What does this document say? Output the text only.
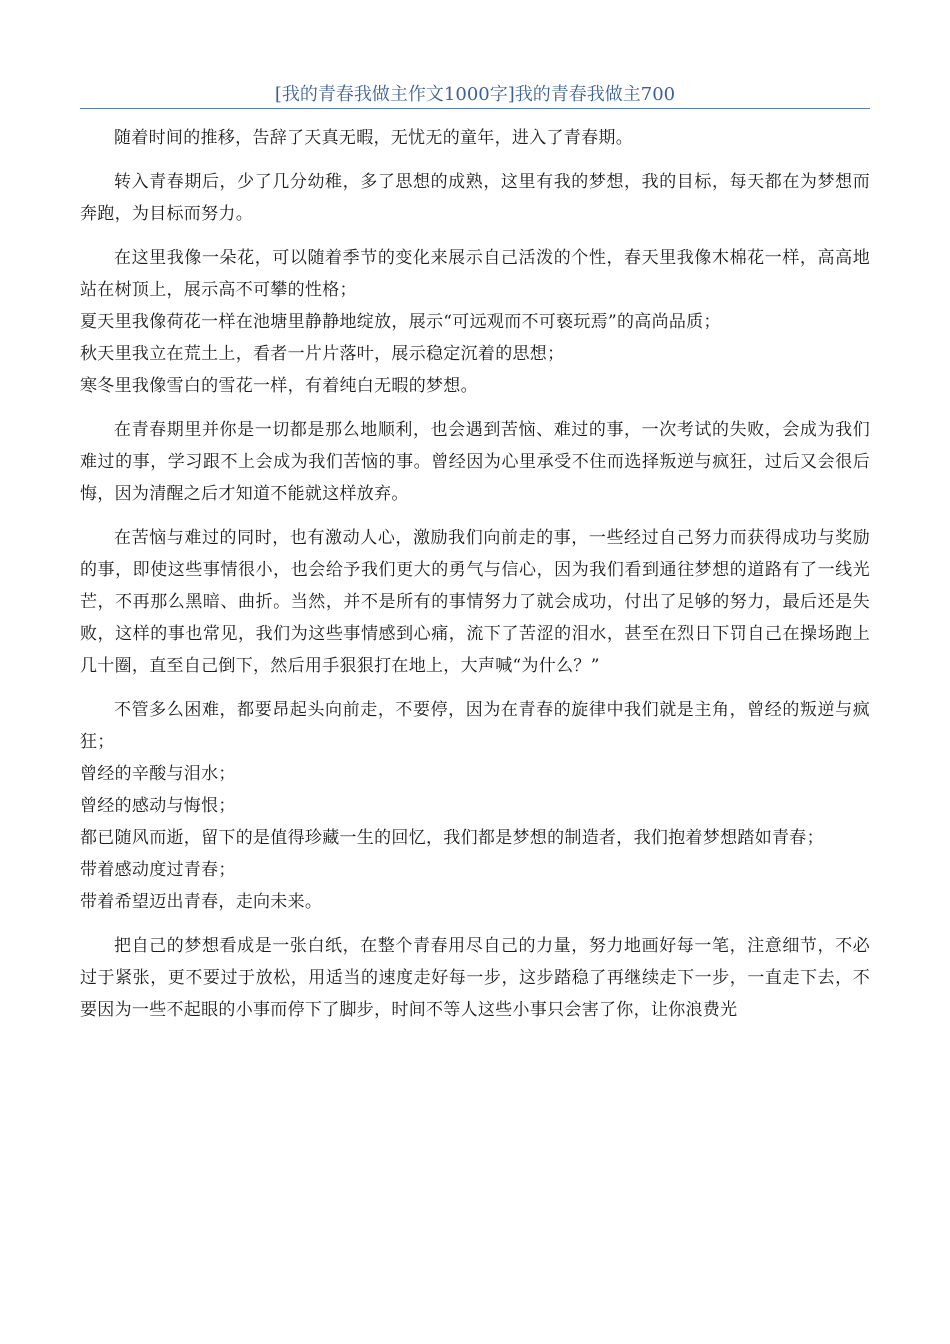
[我的青春我做主作文1000字]我的青春我做主700

随着时间的推移，告辞了天真无暇，无忧无的童年，进入了青春期。

转入青春期后，少了几分幼稚，多了思想的成熟，这里有我的梦想，我的目标，每天都在为梦想而奔跑，为目标而努力。

在这里我像一朵花，可以随着季节的变化来展示自己活泼的个性，春天里我像木棉花一样，高高地站在树顶上，展示高不可攀的性格；

夏天里我像荷花一样在池塘里静静地绽放，展示“可远观而不可亵玩焉”的高尚品质；

秋天里我立在荒土上，看者一片片落叶，展示稳定沉着的思想；

寒冬里我像雪白的雪花一样，有着纯白无暇的梦想。

在青春期里并你是一切都是那么地顺利，也会遇到苦恼、难过的事，一次考试的失败，会成为我们难过的事，学习跟不上会成为我们苦恼的事。曾经因为心里承受不住而选择叛逆与疯狂，过后又会很后悔，因为清醒之后才知道不能就这样放弃。

在苦恼与难过的同时，也有激动人心，激励我们向前走的事，一些经过自己努力而获得成功与奖励的事，即使这些事情很小，也会给予我们更大的勇气与信心，因为我们看到通往梦想的道路有了一线光芒，不再那么黑暗、曲折。当然，并不是所有的事情努力了就会成功，付出了足够的努力，最后还是失败，这样的事也常见，我们为这些事情感到心痛，流下了苦涩的泪水，甚至在烈日下罚自己在操场跑上几十圈，直至自己倒下，然后用手狠狠打在地上，大声喊“为什么？”

不管多么困难，都要昂起头向前走，不要停，因为在青春的旋律中我们就是主角，曾经的叛逆与疯狂；

曾经的辛酸与泪水；

曾经的感动与悔恨；

都已随风而逝，留下的是值得珍藏一生的回忆，我们都是梦想的制造者，我们抱着梦想踏如青春；

带着感动度过青春；

带着希望迈出青春，走向未来。

把自己的梦想看成是一张白纸，在整个青春用尽自己的力量，努力地画好每一笔，注意细节，不必过于紧张，更不要过于放松，用适当的速度走好每一步，这步踏稳了再继续走下一步，一直走下去，不要因为一些不起眼的小事而停下了脚步，时间不等人这些小事只会害了你，让你浪费光
